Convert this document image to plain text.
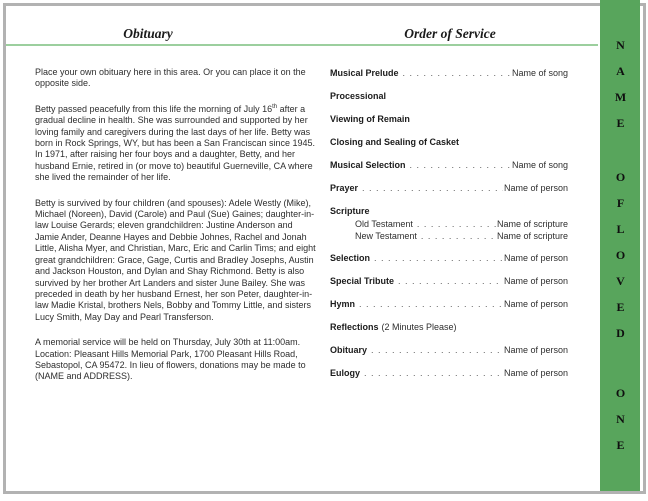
Obituary	Order of Service

Place your own obituary here in this area. Or you can place it on the opposite side.

Betty passed peacefully from this life the morning of July 16th after a gradual decline in health. She was surrounded and supported by her loving family and caregivers during the last days of her life. Betty was born in Rock Springs, WY, but has been a San Franciscan since 1945. In 1971, after raising her four boys and a daughter, Betty, and her husband Ernie, retired in (or move to) beautiful Guerneville, CA where she lived the remainder of her life.

Betty is survived by four children (and spouses): Adele Westly (Mike), Michael (Noreen), David (Carole) and Paul (Sue) Gaines; daughter-in-law Louise Gerards; eleven grandchildren: Justine Anderson and Jamie Ander, Deanne Hayes and Debbie Johnes, Rachel and Jonah Little, Alisha Myer, and Christian, Marc, Eric and Carlin Tims; and eight great grandchildren: Grace, Gage, Curtis and Bradley Josephs, Austin and Jackson Houston, and Dylan and Shay Richmond. Betty is also survived by her brother Art Landers and sister June Bailey. She was preceded in death by her husband Ernest, her son Peter, daughter-in-law Madie Kristal, brothers Nels, Bobby and Tommy Little, and sisters Lucy Smith, May Day and Pearl Transferson.

A memorial service will be held on Thursday, July 30th at 11:00am. Location: Pleasant Hills Memorial Park, 1700 Pleasant Hills Road, Sebastopol, CA 95472. In lieu of flowers, donations may be made to (NAME and ADDRESS).

Musical Prelude . . .	Name of song
Processional
Viewing of Remain
Closing and Sealing of Casket
Musical Selection . . .	Name of song
Prayer . . .	Name of person
Scripture
Old Testament . . .	Name of scripture
New Testament . . .	Name of scripture
Selection . . .	Name of person
Special Tribute . . .	Name of person
Hymn . . .	Name of person
Reflections (2 Minutes Please)
Obituary . . .	Name of person
Eulogy . . .	Name of person
NAME
OF
LOVED
ONE
